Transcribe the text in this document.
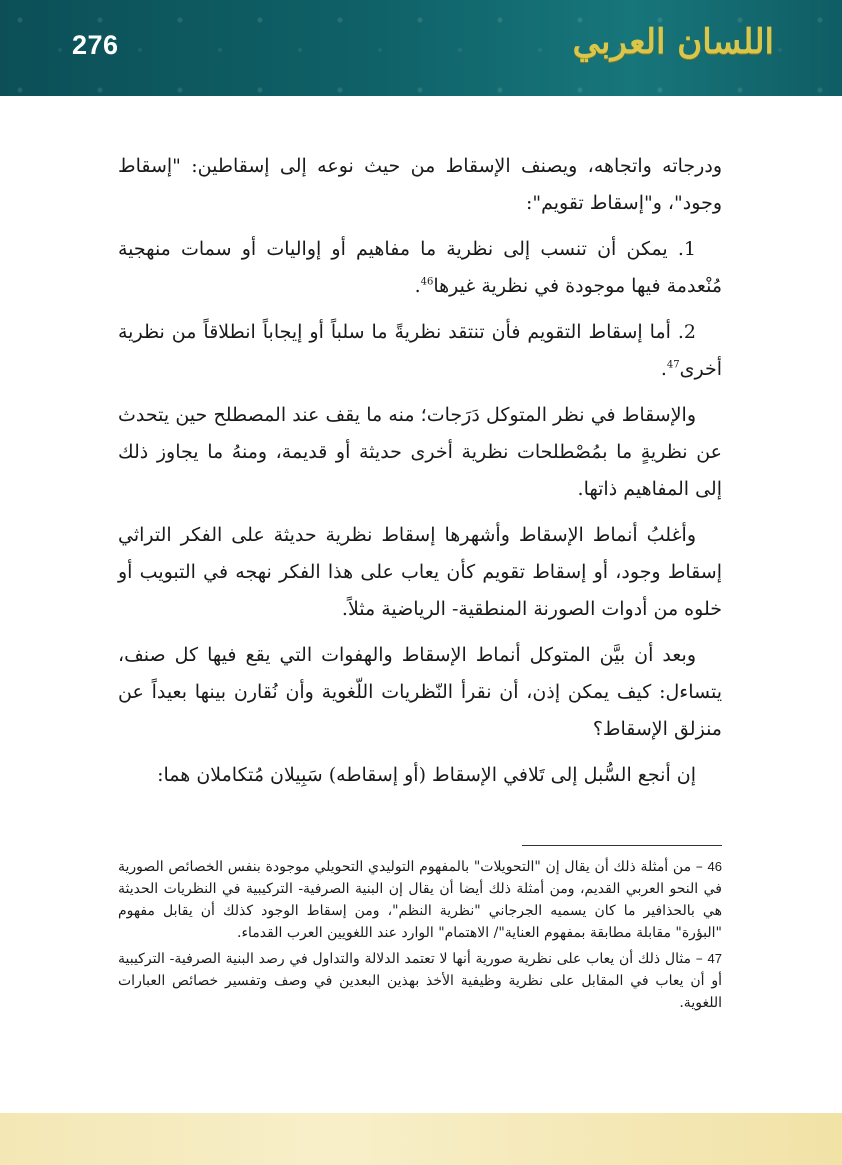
276	اللسان العربي

ودرجاته واتجاهه، ويصنف الإسقاط من حيث نوعه إلى إسقاطين: "إسقاط وجود"، و"إسقاط تقويم":

1. يمكن أن تنسب إلى نظرية ما مفاهيم أو إواليات أو سمات منهجية مُنْعدمة فيها موجودة في نظرية غيرها$^{46}$.

2. أما إسقاط التقويم فأن تنتقد نظريةً ما سلباً أو إيجاباً انطلاقاً من نظرية أخرى$^{47}$.

والإسقاط في نظر المتوكل دَرَجات؛ منه ما يقف عند المصطلح حين يتحدث عن نظريةٍ ما بمُصْطلحات نظرية أخرى حديثة أو قديمة، ومنهُ ما يجاوز ذلك إلى المفاهيم ذاتها.

وأغلبُ أنماط الإسقاط وأشهرها إسقاط نظرية حديثة على الفكر التراثي إسقاط وجود، أو إسقاط تقويم كأن يعاب على هذا الفكر نهجه في التبويب أو خلوه من أدوات الصورنة المنطقية- الرياضية مثلاً.

وبعد أن بيَّن المتوكل أنماط الإسقاط والهفوات التي يقع فيها كل صنف، يتساءل: كيف يمكن إذن، أن نقرأ النّظريات اللّغوية وأن نُقارن بينها بعيداً عن منزلق الإسقاط؟

إن أنجع السُّبل إلى تَلافي الإسقاط (أو إسقاطه) سَبِيلان مُتكاملان هما:

46 – من أمثلة ذلك أن يقال إن "التحويلات" بالمفهوم التوليدي التحويلي موجودة بنفس الخصائص الصورية في النحو العربي القديم، ومن أمثلة ذلك أيضا أن يقال إن البنية الصرفية- التركيبية في النظريات الحديثة هي بالحذافير ما كان يسميه الجرجاني "نظرية النظم"، ومن إسقاط الوجود كذلك أن يقابل مفهوم "البؤرة" مقابلة مطابقة بمفهوم العناية"/ الاهتمام" الوارد عند اللغويين العرب القدماء.

47 – مثال ذلك أن يعاب على نظرية صورية أنها لا تعتمد الدلالة والتداول في رصد البنية الصرفية- التركيبية أو أن يعاب في المقابل على نظرية وظيفية الأخذ بهذين البعدين في وصف وتفسير خصائص العبارات اللغوية.
